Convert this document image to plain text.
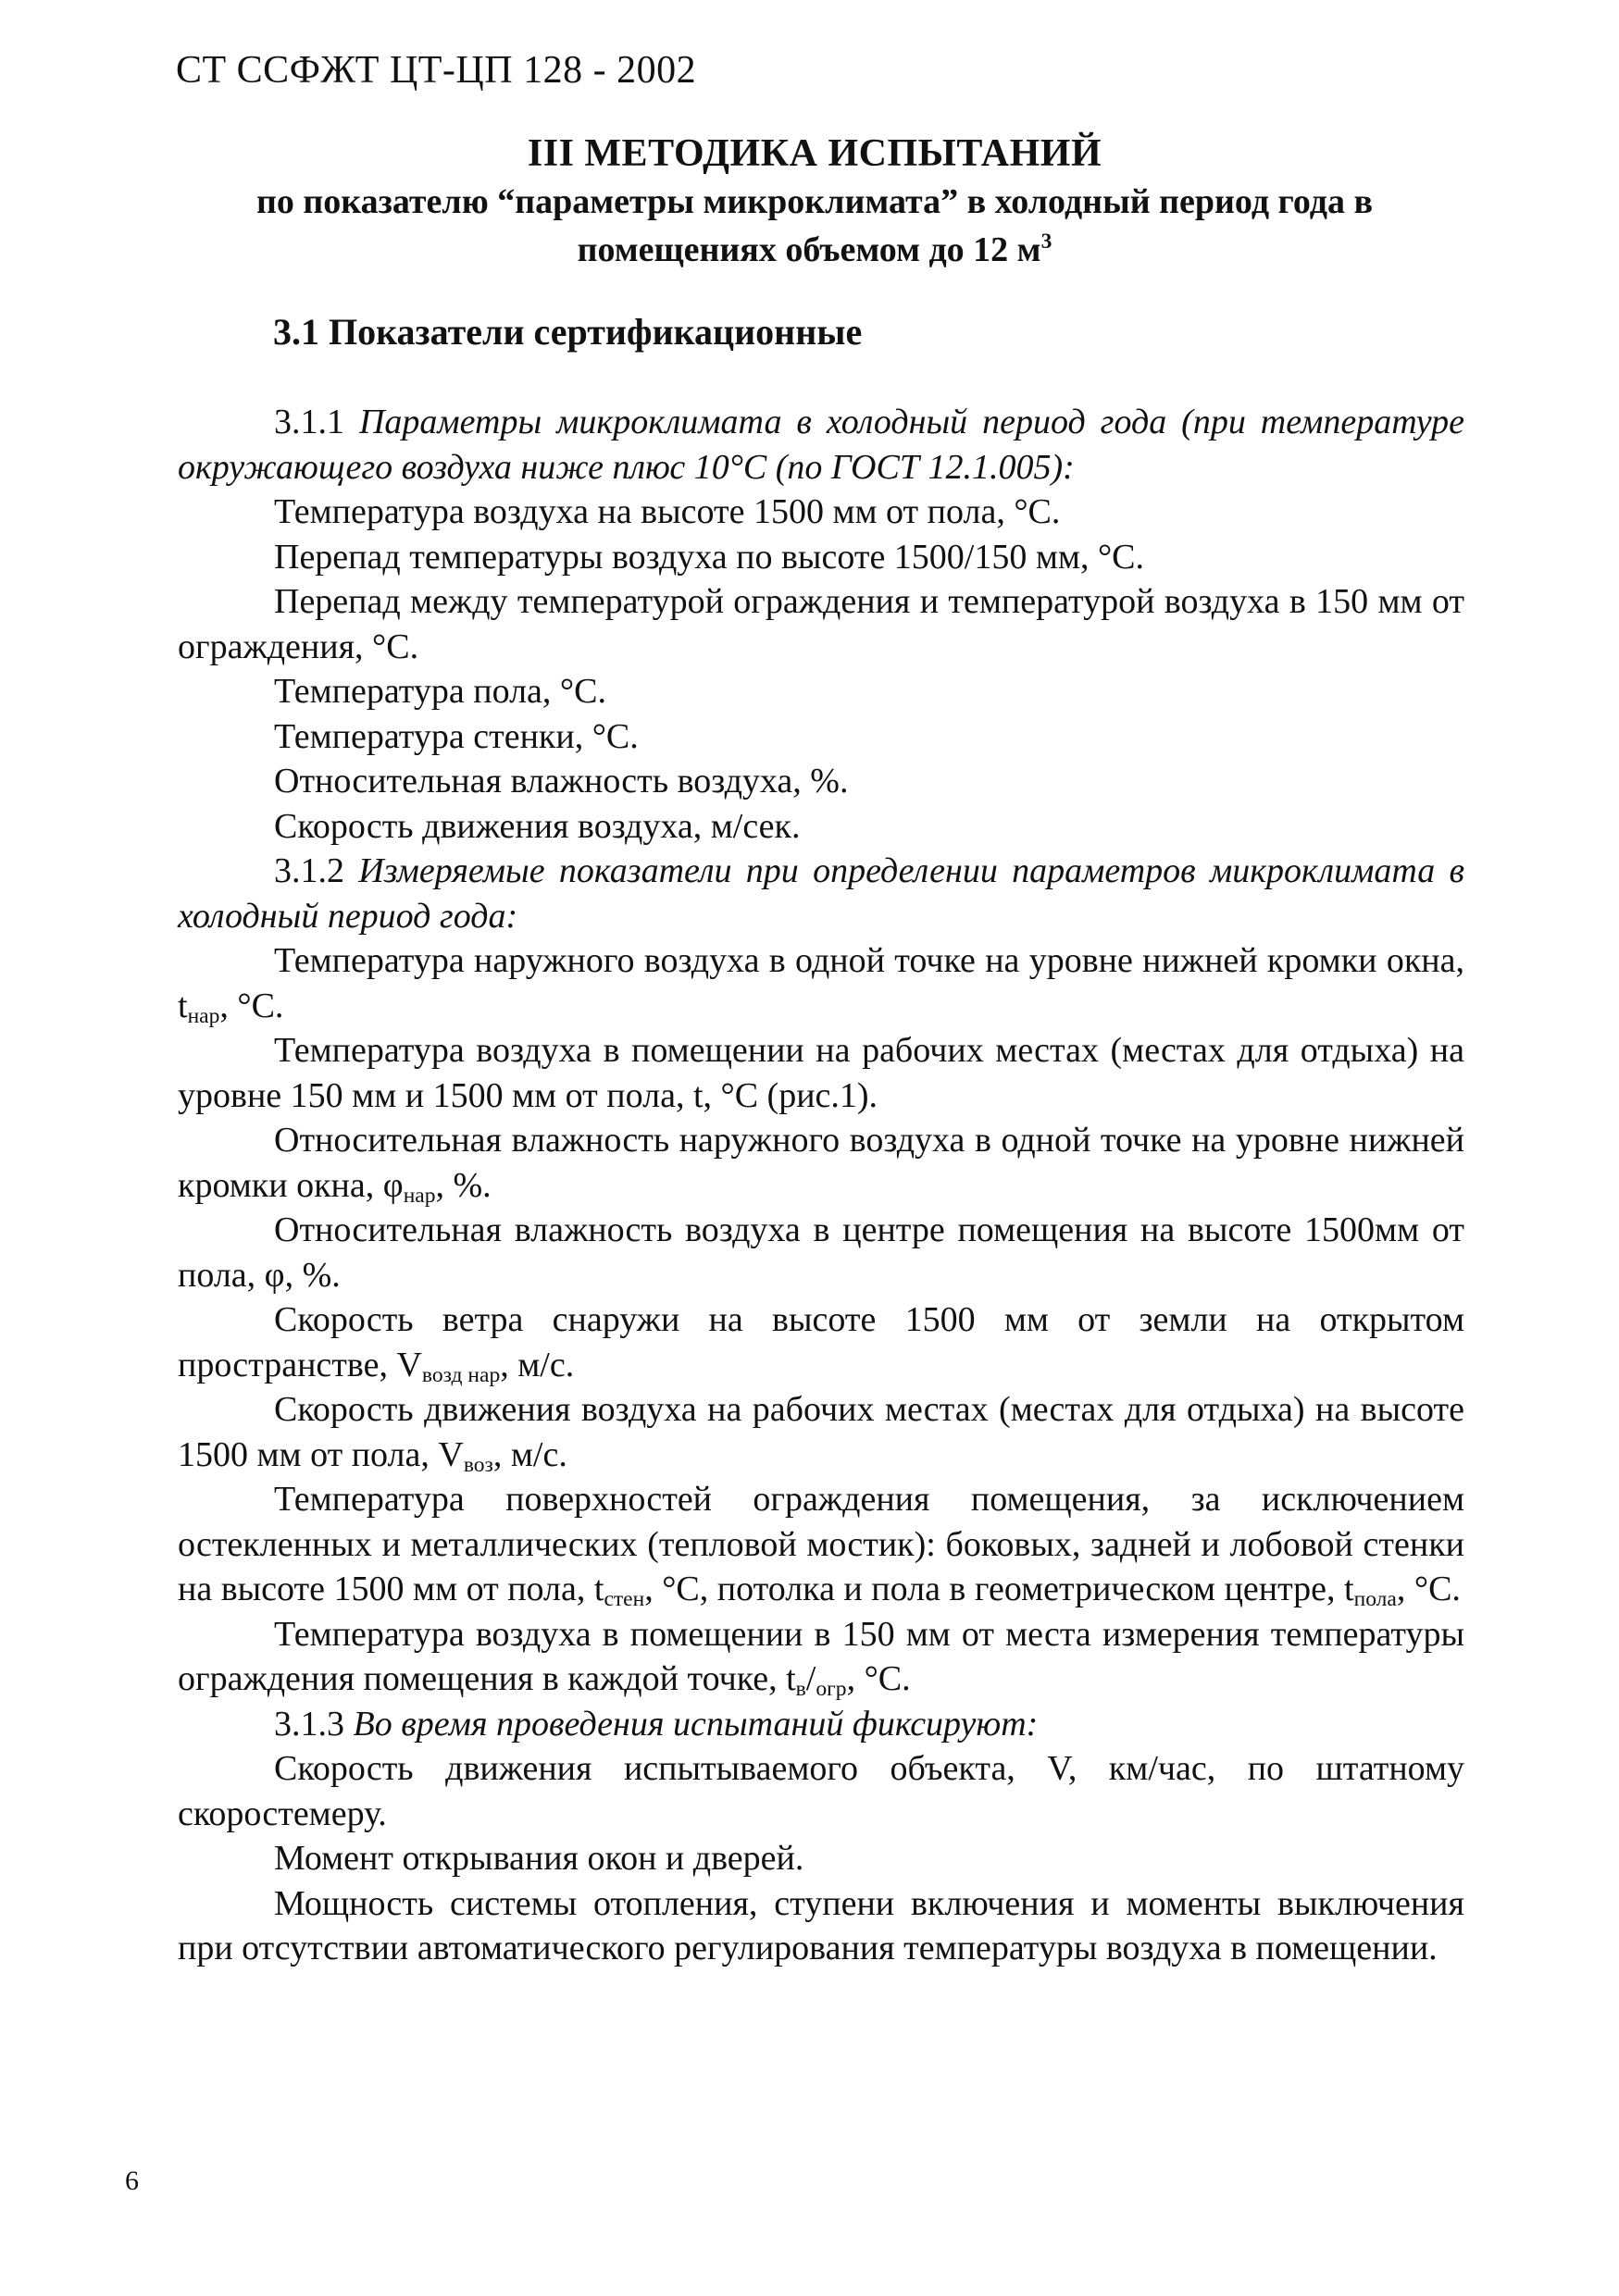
СТ ССФЖТ ЦТ-ЦП 128 - 2002
III МЕТОДИКА ИСПЫТАНИЙ
по показателю “параметры микроклимата” в холодный период года в
помещениях объемом до 12 $м^3$
3.1 Показатели сертификационные

3.1.1 Параметры микроклимата в холодный период года (при температуре окружающего воздуха ниже плюс 10°С (по ГОСТ 12.1.005):

Температура воздуха на высоте 1500 мм от пола, °С.

Перепад температуры воздуха по высоте 1500/150 мм, °С.

Перепад между температурой ограждения и температурой воздуха в 150 мм от ограждения, °С.

Температура пола, °С.

Температура стенки, °С.

Относительная влажность воздуха, %.

Скорость движения воздуха, м/сек.

3.1.2 Измеряемые показатели при определении параметров микроклимата в холодный период года:

Температура наружного воздуха в одной точке на уровне нижней кромки окна, $t_{нар}$, °С.

Температура воздуха в помещении на рабочих местах (местах для отдыха) на уровне 150 мм и 1500 мм от пола, t, °С (рис.1).

Относительная влажность наружного воздуха в одной точке на уровне нижней кромки окна, $\varphi_{нар}$, %.

Относительная влажность воздуха в центре помещения на высоте 1500мм от пола, φ, %.

Скорость ветра снаружи на высоте 1500 мм от земли на открытом пространстве, $V_{возд нар}$, м/с.

Скорость движения воздуха на рабочих местах (местах для отдыха) на высоте 1500 мм от пола, $V_{воз}$, м/с.

Температура поверхностей ограждения помещения, за исключением остекленных и металлических (тепловой мостик): боковых, задней и лобовой стенки на высоте 1500 мм от пола, $t_{стен}$, °С, потолка и пола в геометрическом центре, $t_{пола}$, °С.

Температура воздуха в помещении в 150 мм от места измерения температуры ограждения помещения в каждой точке, $t_в/_{огр}$, °С.

3.1.3 Во время проведения испытаний фиксируют:

Скорость движения испытываемого объекта, V, км/час, по штатному скоростемеру.

Момент открывания окон и дверей.

Мощность системы отопления, ступени включения и моменты выключения при отсутствии автоматического регулирования температуры воздуха в помещении.

6
